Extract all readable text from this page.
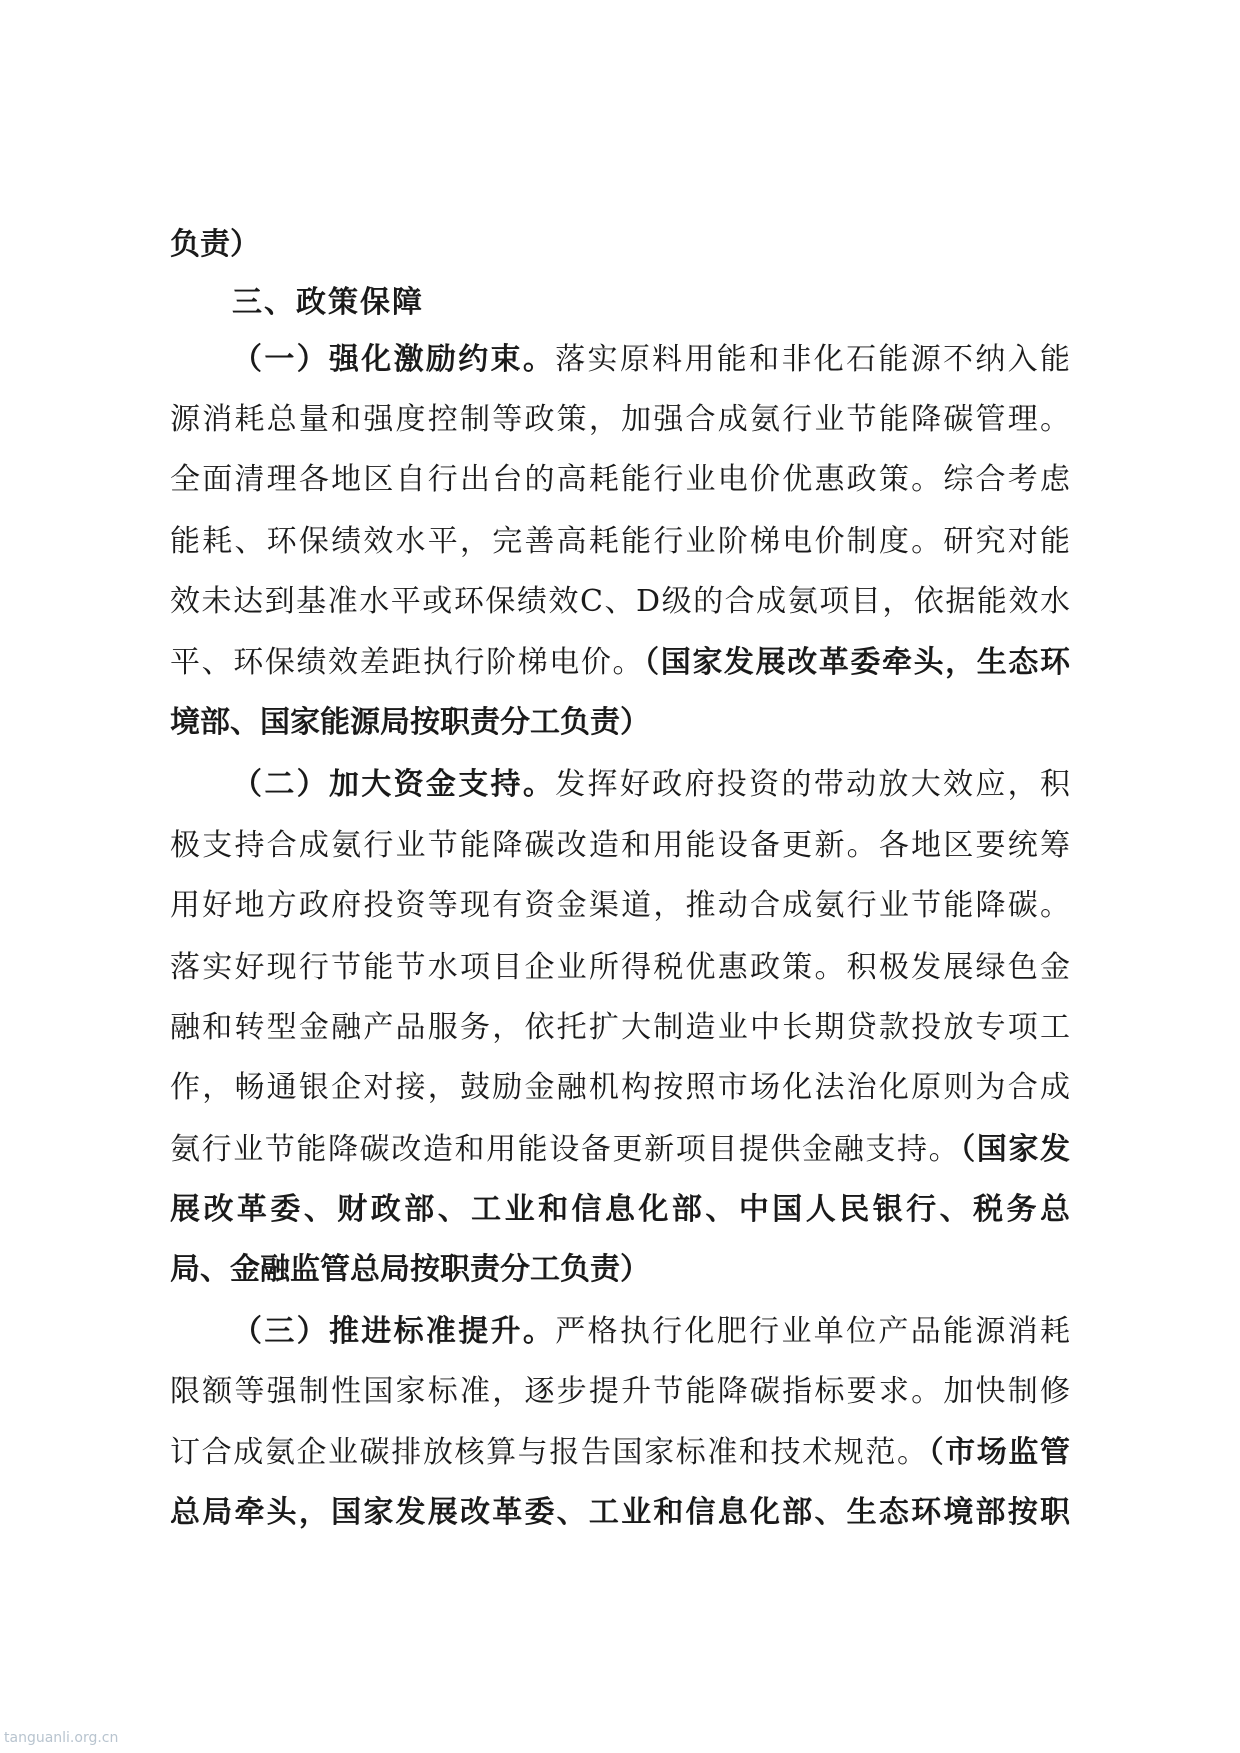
负责）
三、政策保障
（一）强化激励约束。落实原料用能和非化石能源不纳入能
源消耗总量和强度控制等政策，加强合成氨行业节能降碳管理。
全面清理各地区自行出台的高耗能行业电价优惠政策。综合考虑
能耗、环保绩效水平，完善高耗能行业阶梯电价制度。研究对能
效未达到基准水平或环保绩效C、D级的合成氨项目，依据能效水
平、环保绩效差距执行阶梯电价。（国家发展改革委牵头，生态环
境部、国家能源局按职责分工负责）
（二）加大资金支持。发挥好政府投资的带动放大效应，积
极支持合成氨行业节能降碳改造和用能设备更新。各地区要统筹
用好地方政府投资等现有资金渠道，推动合成氨行业节能降碳。
落实好现行节能节水项目企业所得税优惠政策。积极发展绿色金
融和转型金融产品服务，依托扩大制造业中长期贷款投放专项工
作，畅通银企对接，鼓励金融机构按照市场化法治化原则为合成
氨行业节能降碳改造和用能设备更新项目提供金融支持。（国家发
展改革委、财政部、工业和信息化部、中国人民银行、税务总
局、金融监管总局按职责分工负责）
（三）推进标准提升。严格执行化肥行业单位产品能源消耗
限额等强制性国家标准，逐步提升节能降碳指标要求。加快制修
订合成氨企业碳排放核算与报告国家标准和技术规范。（市场监管
总局牵头，国家发展改革委、工业和信息化部、生态环境部按职
tanguanli.org.cn
